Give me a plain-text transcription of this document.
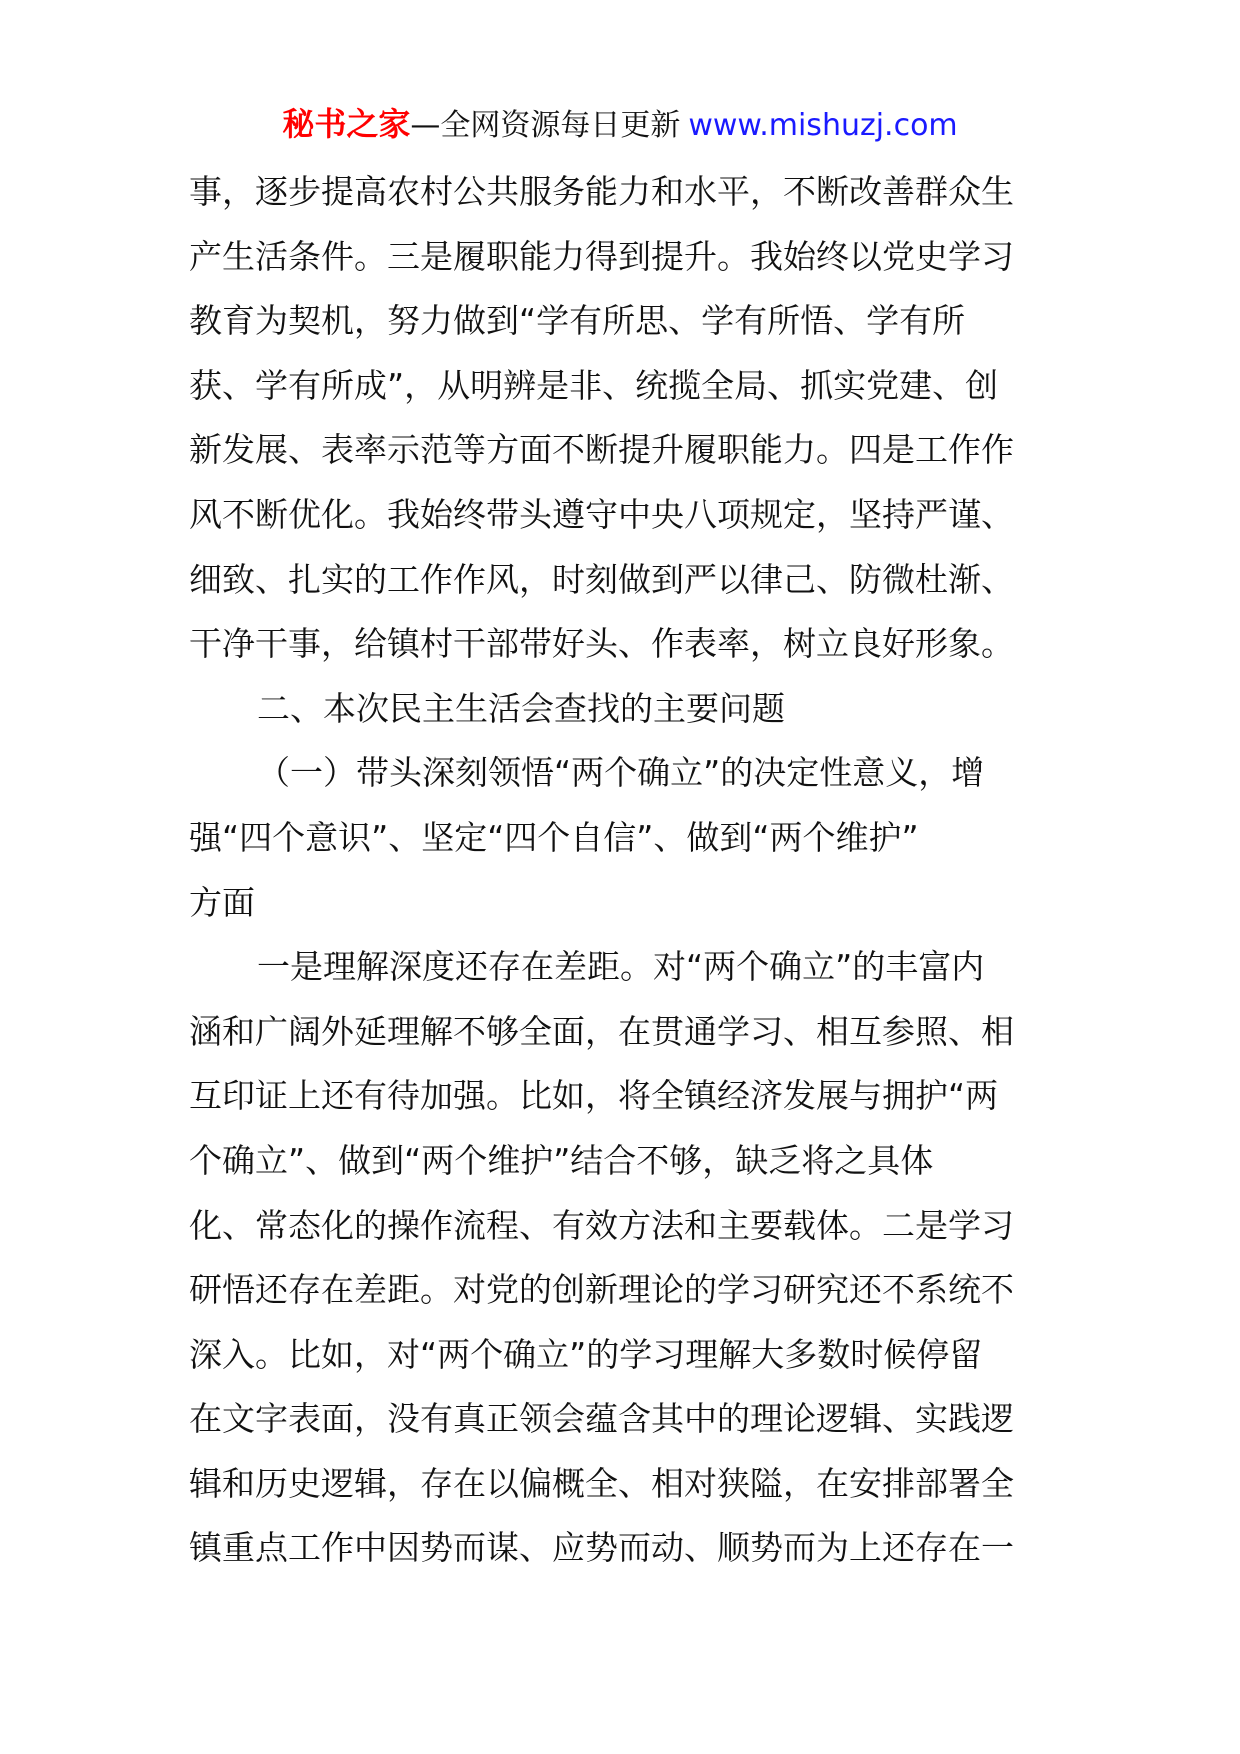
秘书之家—全网资源每日更新 www.mishuzj.com
事，逐步提高农村公共服务能力和水平，不断改善群众生
产生活条件。三是履职能力得到提升。我始终以党史学习
教育为契机，努力做到“学有所思、学有所悟、学有所
获、学有所成”，从明辨是非、统揽全局、抓实党建、创
新发展、表率示范等方面不断提升履职能力。四是工作作
风不断优化。我始终带头遵守中央八项规定，坚持严谨、
细致、扎实的工作作风，时刻做到严以律己、防微杜渐、
干净干事，给镇村干部带好头、作表率，树立良好形象。
二、本次民主生活会查找的主要问题
（一）带头深刻领悟“两个确立”的决定性意义，增
强“四个意识”、坚定“四个自信”、做到“两个维护”
方面
一是理解深度还存在差距。对“两个确立”的丰富内
涵和广阔外延理解不够全面，在贯通学习、相互参照、相
互印证上还有待加强。比如，将全镇经济发展与拥护“两
个确立”、做到“两个维护”结合不够，缺乏将之具体
化、常态化的操作流程、有效方法和主要载体。二是学习
研悟还存在差距。对党的创新理论的学习研究还不系统不
深入。比如，对“两个确立”的学习理解大多数时候停留
在文字表面，没有真正领会蕴含其中的理论逻辑、实践逻
辑和历史逻辑，存在以偏概全、相对狭隘，在安排部署全
镇重点工作中因势而谋、应势而动、顺势而为上还存在一
